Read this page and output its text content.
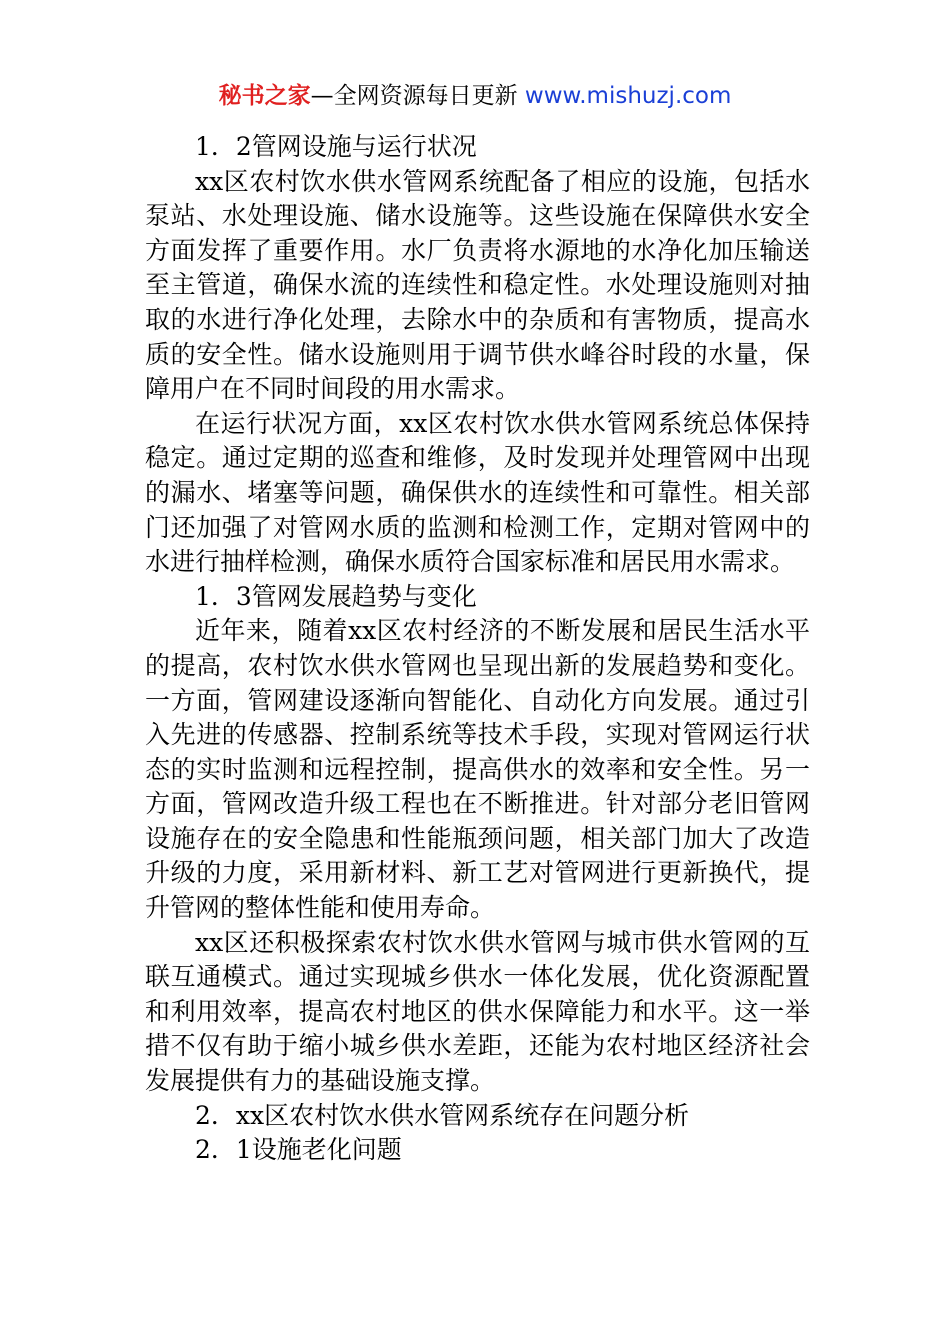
秘书之家—全网资源每日更新 www.mishuzj.com

1．2管网设施与运行状况

xx区农村饮水供水管网系统配备了相应的设施，包括水泵站、水处理设施、储水设施等。这些设施在保障供水安全方面发挥了重要作用。水厂负责将水源地的水净化加压输送至主管道，确保水流的连续性和稳定性。水处理设施则对抽取的水进行净化处理，去除水中的杂质和有害物质，提高水质的安全性。储水设施则用于调节供水峰谷时段的水量，保障用户在不同时间段的用水需求。

在运行状况方面，xx区农村饮水供水管网系统总体保持稳定。通过定期的巡查和维修，及时发现并处理管网中出现的漏水、堵塞等问题，确保供水的连续性和可靠性。相关部门还加强了对管网水质的监测和检测工作，定期对管网中的水进行抽样检测，确保水质符合国家标准和居民用水需求。

1．3管网发展趋势与变化

近年来，随着xx区农村经济的不断发展和居民生活水平的提高，农村饮水供水管网也呈现出新的发展趋势和变化。一方面，管网建设逐渐向智能化、自动化方向发展。通过引入先进的传感器、控制系统等技术手段，实现对管网运行状态的实时监测和远程控制，提高供水的效率和安全性。另一方面，管网改造升级工程也在不断推进。针对部分老旧管网设施存在的安全隐患和性能瓶颈问题，相关部门加大了改造升级的力度，采用新材料、新工艺对管网进行更新换代，提升管网的整体性能和使用寿命。

xx区还积极探索农村饮水供水管网与城市供水管网的互联互通模式。通过实现城乡供水一体化发展，优化资源配置和利用效率，提高农村地区的供水保障能力和水平。这一举措不仅有助于缩小城乡供水差距，还能为农村地区经济社会发展提供有力的基础设施支撑。

2．xx区农村饮水供水管网系统存在问题分析

2．1设施老化问题
